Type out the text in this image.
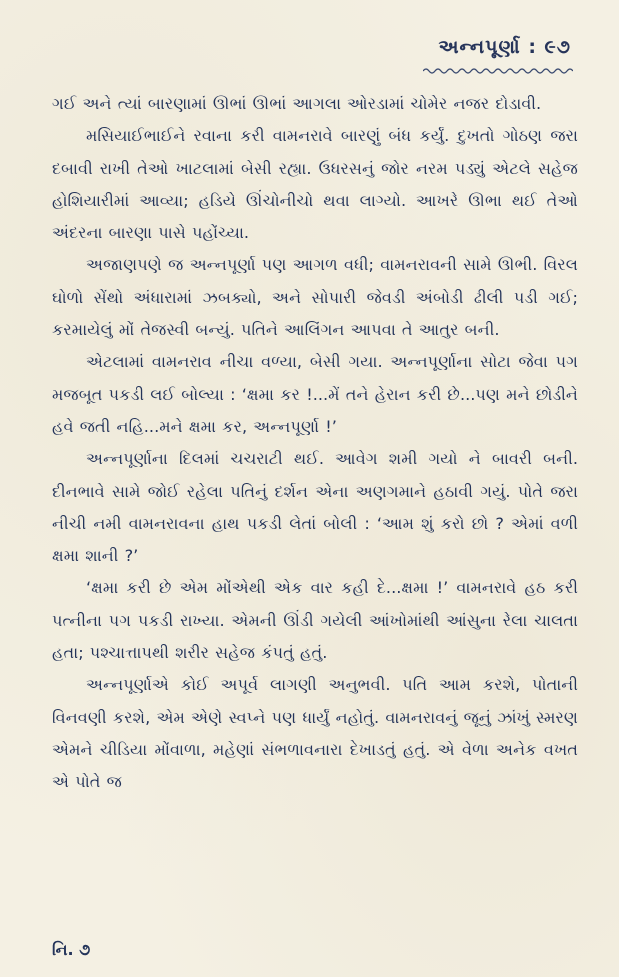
અન્નપૂર્ણા : ૯૭

ગઈ અને ત્યાં બારણામાં ઊભાં ઊભાં આગલા ઓરડામાં ચોમેર નજર દોડાવી.

મસિયાઈભાઈને રવાના કરી વામનરાવે બારણું બંધ કર્યું. દુખતો ગોઠણ જરા દબાવી રાખી તેઓ ખાટલામાં બેસી રહ્યા. ઉધરસનું જોર નરમ પડ્યું એટલે સહેજ હોશિયારીમાં આવ્યા; હડિયે ઊંચોનીચો થવા લાગ્યો. આખરે ઊભા થઈ તેઓ અંદરના બારણા પાસે પહોંચ્યા.

અજાણપણે જ અન્નપૂર્ણા પણ આગળ વધી; વામનરાવની સામે ઊભી. વિરલ ઘોળો સેંથો અંધારામાં ઝબક્યો, અને સોપારી જેવડી અંબોડી ઢીલી પડી ગઈ; કરમાયેલું મોં તેજસ્વી બન્યું. પતિને આલિંગન આપવા તે આતુર બની.

એટલામાં વામનરાવ નીચા વળ્યા, બેસી ગયા. અન્નપૂર્ણાના સોટા જેવા પગ મજબૂત પકડી લઈ બોલ્યા : ‘ક્ષમા કર !...મેં તને હેરાન કરી છે...પણ મને છોડીને હવે જતી નહિ...મને ક્ષમા કર, અન્નપૂર્ણા !’

અન્નપૂર્ણાના દિલમાં ચચરાટી થઈ. આવેગ શમી ગયો ને બાવરી બની. દીનભાવે સામે જોઈ રહેલા પતિનું દર્શન એના અણગમાને હઠાવી ગયું. પોતે જરા નીચી નમી વામનરાવના હાથ પકડી લેતાં બોલી : ‘આમ શું કરો છો ? એમાં વળી ક્ષમા શાની ?’

‘ક્ષમા કરી છે એમ મોંએથી એક વાર કહી દે...ક્ષમા !’ વામનરાવે હઠ કરી પત્નીના પગ પકડી રાખ્યા. એમની ઊંડી ગયેલી આંખોમાંથી આંસુના રેલા ચાલતા હતા; પશ્ચાત્તાપથી શરીર સહેજ કંપતું હતું.

અન્નપૂર્ણાએ કોઈ અપૂર્વ લાગણી અનુભવી. પતિ આમ કરશે, પોતાની વિનવણી કરશે, એમ એણે સ્વપ્ને પણ ધાર્યું નહોતું. વામનરાવનું જૂનું ઝાંખું સ્મરણ એમને ચીડિયા મોંવાળા, મહેણાં સંભળાવનારા દેખાડતું હતું. એ વેળા અનેક વખત એ પોતે જ

નિ. ૭
